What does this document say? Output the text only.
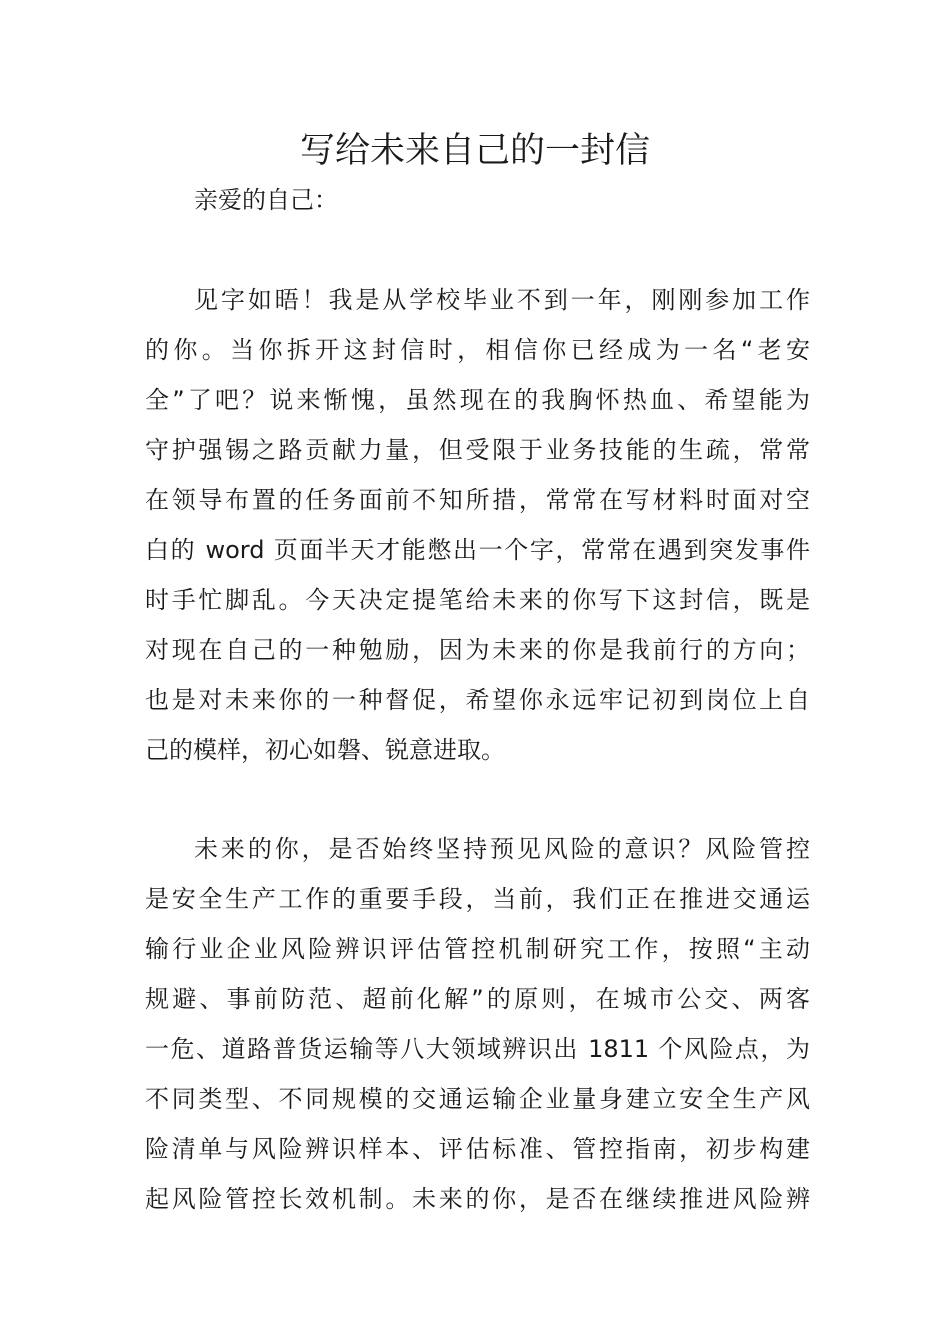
写给未来自己的一封信

亲爱的自己：

见字如晤！我是从学校毕业不到一年，刚刚参加工作
的你。当你拆开这封信时，相信你已经成为一名“老安
全”了吧？说来惭愧，虽然现在的我胸怀热血、希望能为
守护强锡之路贡献力量，但受限于业务技能的生疏，常常
在领导布置的任务面前不知所措，常常在写材料时面对空
白的 word 页面半天才能憋出一个字，常常在遇到突发事件
时手忙脚乱。今天决定提笔给未来的你写下这封信，既是
对现在自己的一种勉励，因为未来的你是我前行的方向；
也是对未来你的一种督促，希望你永远牢记初到岗位上自
己的模样，初心如磐、锐意进取。
未来的你，是否始终坚持预见风险的意识？风险管控
是安全生产工作的重要手段，当前，我们正在推进交通运
输行业企业风险辨识评估管控机制研究工作，按照“主动
规避、事前防范、超前化解”的原则，在城市公交、两客
一危、道路普货运输等八大领域辨识出 1811 个风险点，为
不同类型、不同规模的交通运输企业量身建立安全生产风
险清单与风险辨识样本、评估标准、管控指南，初步构建
起风险管控长效机制。未来的你，是否在继续推进风险辨
